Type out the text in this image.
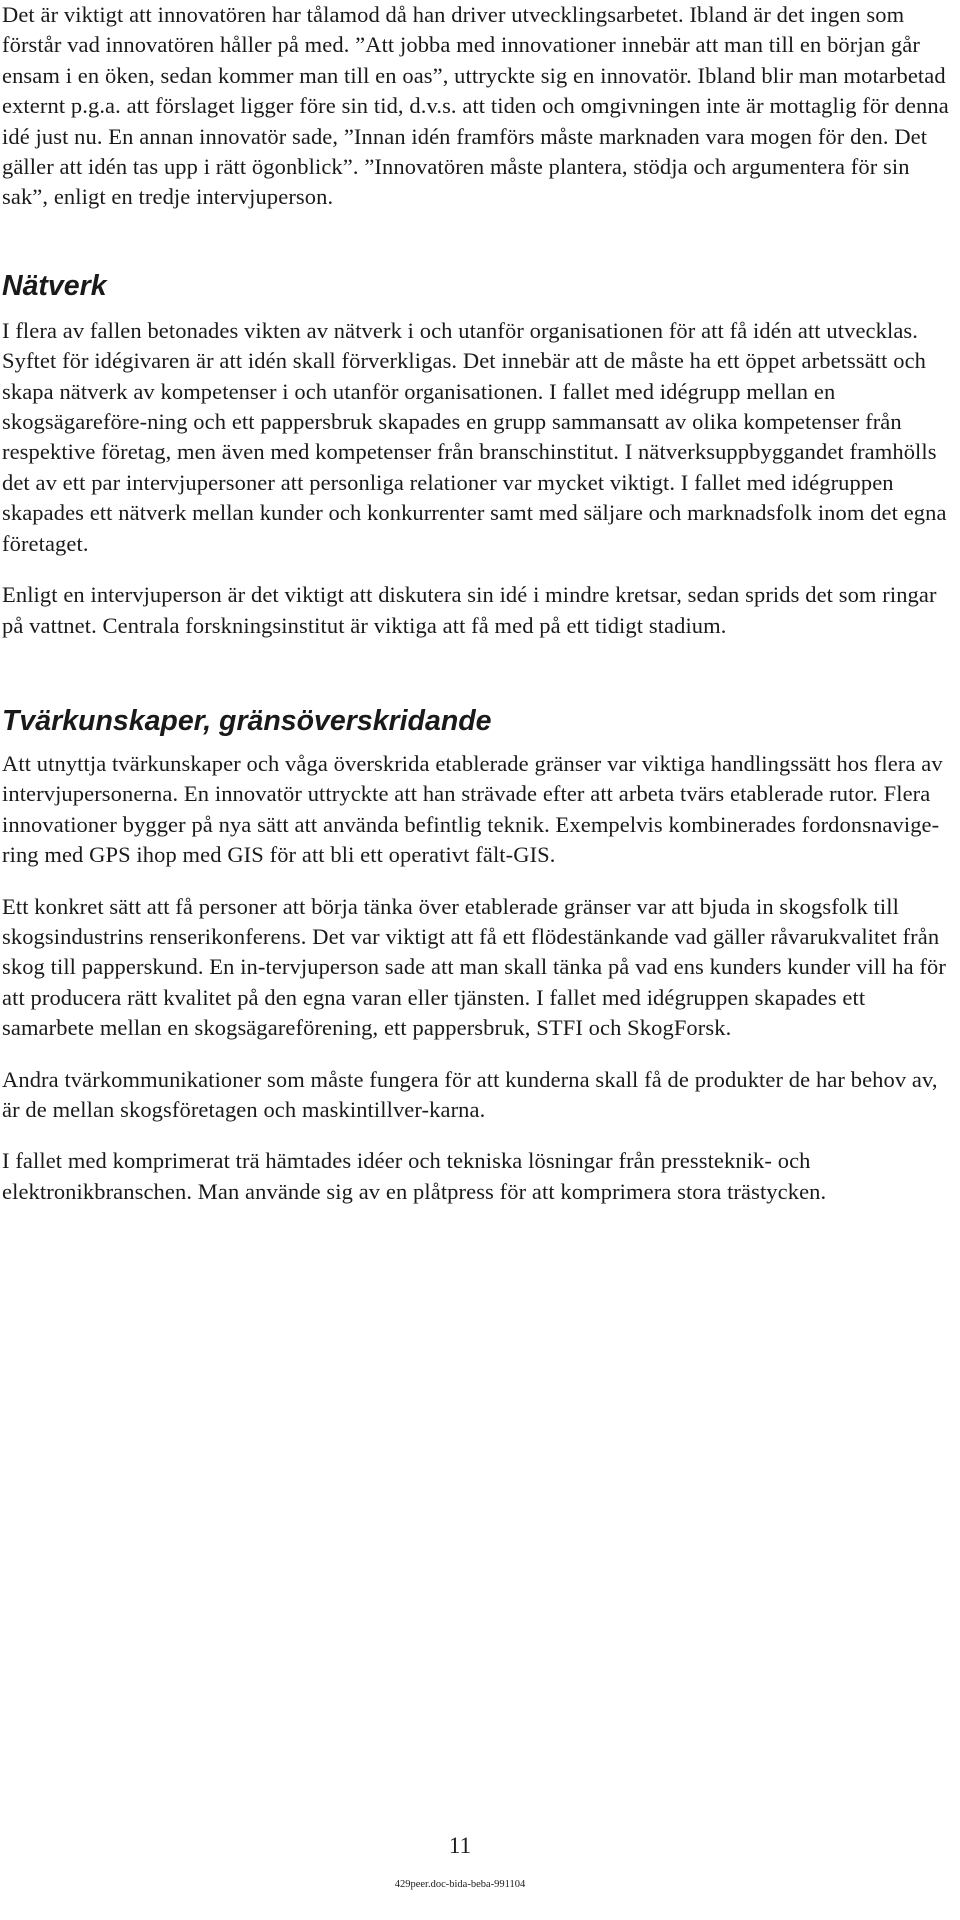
Det är viktigt att innovatören har tålamod då han driver utvecklingsarbetet. Ibland är det ingen som förstår vad innovatören håller på med. ”Att jobba med innovationer innebär att man till en början går ensam i en öken, sedan kommer man till en oas”, uttryckte sig en innovatör. Ibland blir man motarbetad externt p.g.a. att förslaget ligger före sin tid, d.v.s. att tiden och omgivningen inte är mottaglig för denna idé just nu. En annan innovatör sade, ”Innan idén framförs måste marknaden vara mogen för den. Det gäller att idén tas upp i rätt ögonblick”. ”Innovatören måste plantera, stödja och argumentera för sin sak”, enligt en tredje intervjuperson.

Nätverk

I flera av fallen betonades vikten av nätverk i och utanför organisationen för att få idén att utvecklas. Syftet för idégivaren är att idén skall förverkligas. Det innebär att de måste ha ett öppet arbetssätt och skapa nätverk av kompetenser i och utanför organisationen. I fallet med idégrupp mellan en skogsägareföre-ning och ett pappersbruk skapades en grupp sammansatt av olika kompetenser från respektive företag, men även med kompetenser från branschinstitut. I nätverksuppbyggandet framhölls det av ett par intervjupersoner att personliga relationer var mycket viktigt. I fallet med idégruppen skapades ett nätverk mellan kunder och konkurrenter samt med säljare och marknadsfolk inom det egna företaget.

Enligt en intervjuperson är det viktigt att diskutera sin idé i mindre kretsar, sedan sprids det som ringar på vattnet. Centrala forskningsinstitut är viktiga att få med på ett tidigt stadium.

Tvärkunskaper, gränsöverskridande

Att utnyttja tvärkunskaper och våga överskrida etablerade gränser var viktiga handlingssätt hos flera av intervjupersonerna. En innovatör uttryckte att han strävade efter att arbeta tvärs etablerade rutor. Flera innovationer bygger på nya sätt att använda befintlig teknik. Exempelvis kombinerades fordonsnavige-ring med GPS ihop med GIS för att bli ett operativt fält-GIS.

Ett konkret sätt att få personer att börja tänka över etablerade gränser var att bjuda in skogsfolk till skogsindustrins renserikonferens. Det var viktigt att få ett flödestänkande vad gäller råvarukvalitet från skog till papperskund. En in-tervjuperson sade att man skall tänka på vad ens kunders kunder vill ha för att producera rätt kvalitet på den egna varan eller tjänsten. I fallet med idégruppen skapades ett samarbete mellan en skogsägareförening, ett pappersbruk, STFI och SkogForsk.

Andra tvärkommunikationer som måste fungera för att kunderna skall få de produkter de har behov av, är de mellan skogsföretagen och maskintillver-karna.

I fallet med komprimerat trä hämtades idéer och tekniska lösningar från pressteknik- och elektronikbranschen. Man använde sig av en plåtpress för att komprimera stora trästycken.

11
429peer.doc-bida-beba-991104
